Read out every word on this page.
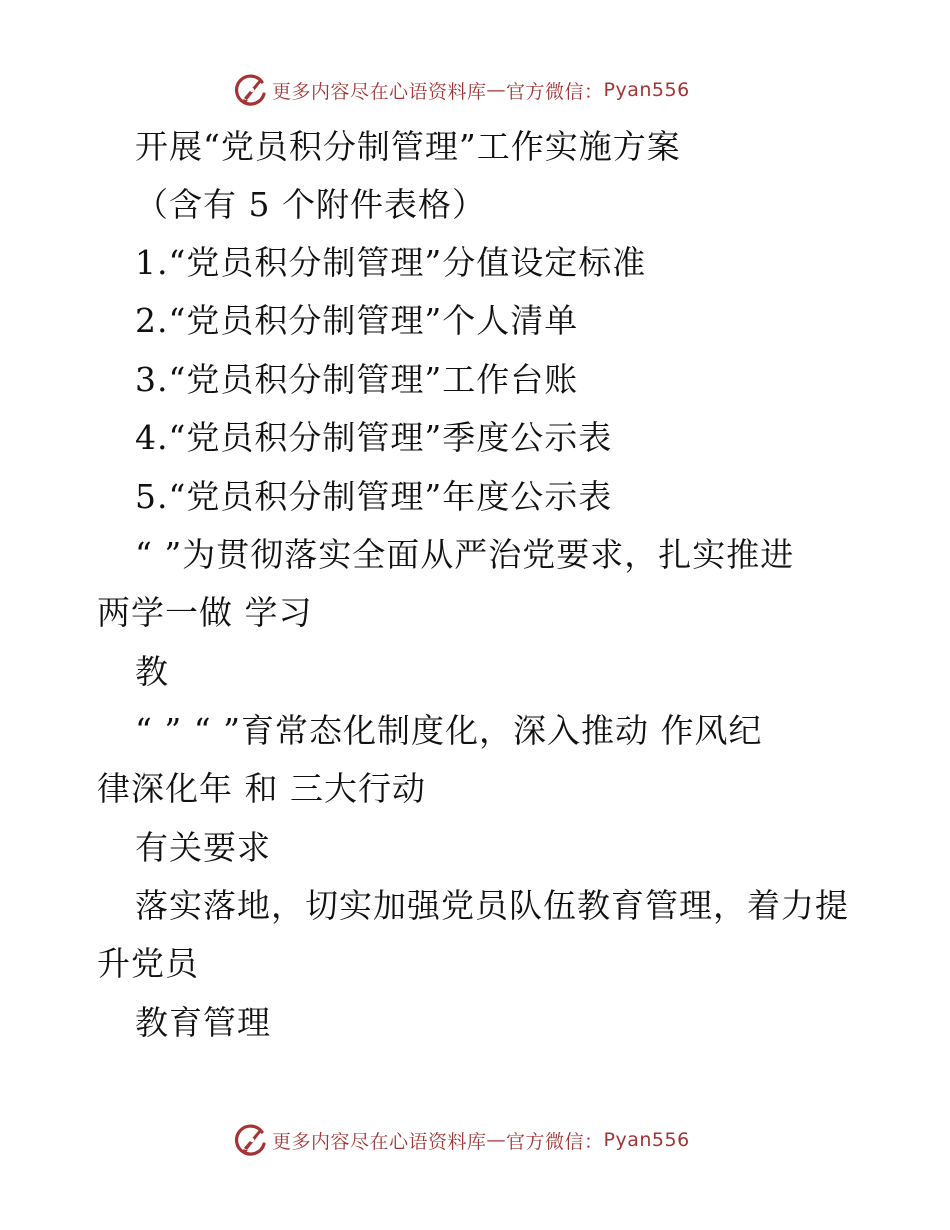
更多内容尽在心语资料库 — 官方微信： Pyan556
开展“党员积分制管理”工作实施方案
（含有 5 个附件表格）
1.“党员积分制管理”分值设定标准
2.“党员积分制管理”个人清单
3.“党员积分制管理”工作台账
4.“党员积分制管理”季度公示表
5.“党员积分制管理”年度公示表
“ ”为贯彻落实全面从严治党要求，扎实推进
两学一做 学习
教
“ ” “ ”育常态化制度化，深入推动 作风纪
律深化年 和 三大行动
有关要求
落实落地，切实加强党员队伍教育管理，着力提
升党员
教育管理
更多内容尽在心语资料库 — 官方微信： Pyan556
